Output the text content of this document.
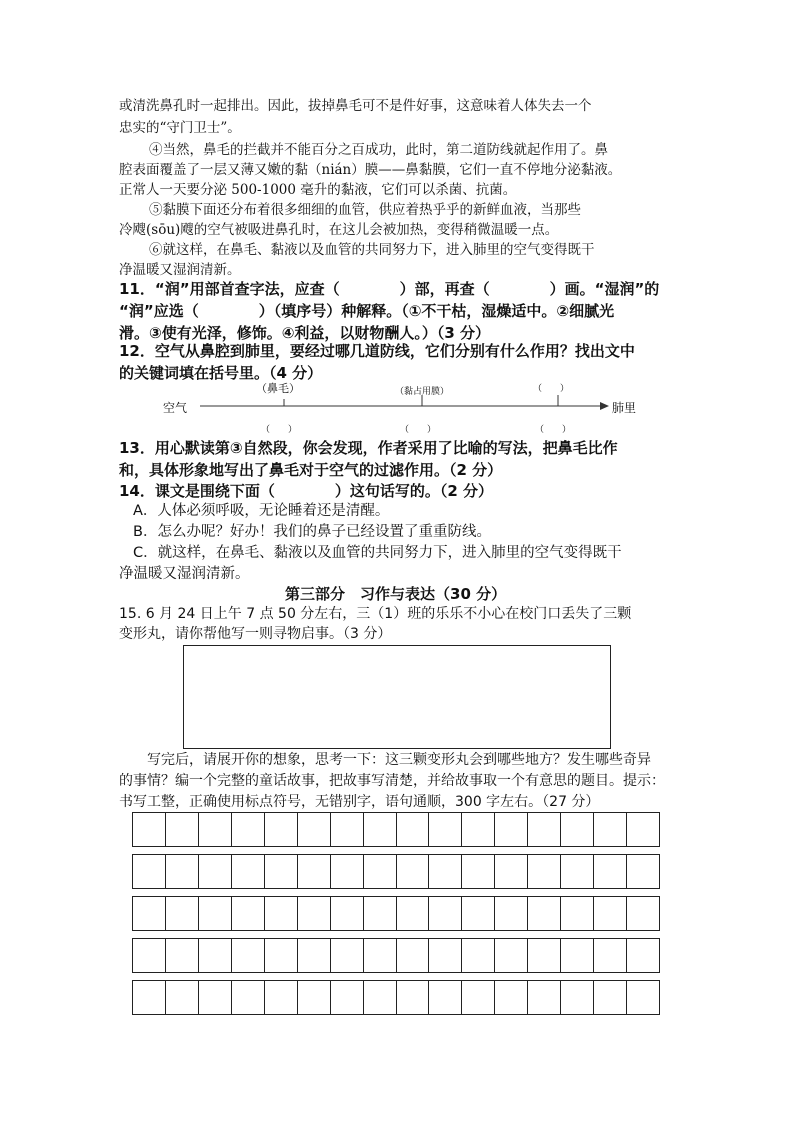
或清洗鼻孔时一起排出。因此，拔掉鼻毛可不是件好事，这意味着人体失去一个
忠实的“守门卫士”。
④当然，鼻毛的拦截并不能百分之百成功，此时，第二道防线就起作用了。鼻
腔表面覆盖了一层又薄又嫩的黏（nián）膜——鼻黏膜，它们一直不停地分泌黏液。
正常人一天要分泌 500-1000 毫升的黏液，它们可以杀菌、抗菌。
⑤黏膜下面还分布着很多细细的血管，供应着热乎乎的新鲜血液，当那些
冷飕(sōu)飕的空气被吸进鼻孔时，在这儿会被加热，变得稍微温暖一点。
⑥就这样，在鼻毛、黏液以及血管的共同努力下，进入肺里的空气变得既干
净温暖又湿润清新。
11．“润”用部首查字法，应查（　　　　）部，再查（　　　　）画。“湿润”的
“润”应选（　　　　）（填序号）种解释。（①不干枯，湿燥适中。②细腻光
滑。③使有光泽，修饰。④利益，以财物酬人。）（3 分）
12．空气从鼻腔到肺里，要经过哪几道防线，它们分别有什么作用？找出文中
的关键词填在括号里。（4 分）
空气	肺里
（鼻毛）	（黏占用膜）	（　　）
（　　）	（　　）	（　　）
13．用心默读第③自然段，你会发现，作者采用了比喻的写法，把鼻毛比作
和，具体形象地写出了鼻毛对于空气的过滤作用。（2 分）
14．课文是围绕下面（　　　　）这句话写的。（2 分）
A．人体必须呼吸，无论睡着还是清醒。
B．怎么办呢？好办！我们的鼻子已经设置了重重防线。
C．就这样，在鼻毛、黏液以及血管的共同努力下，进入肺里的空气变得既干
净温暖又湿润清新。
第三部分　习作与表达（30 分）
15. 6 月 24 日上午 7 点 50 分左右，三（1）班的乐乐不小心在校门口丢失了三颗
变形丸，请你帮他写一则寻物启事。（3 分）
　　写完后，请展开你的想象，思考一下：这三颗变形丸会到哪些地方？发生哪些奇异
的事情？编一个完整的童话故事，把故事写清楚，并给故事取一个有意思的题目。提示：
书写工整，正确使用标点符号，无错别字，语句通顺，300 字左右。（27 分）
